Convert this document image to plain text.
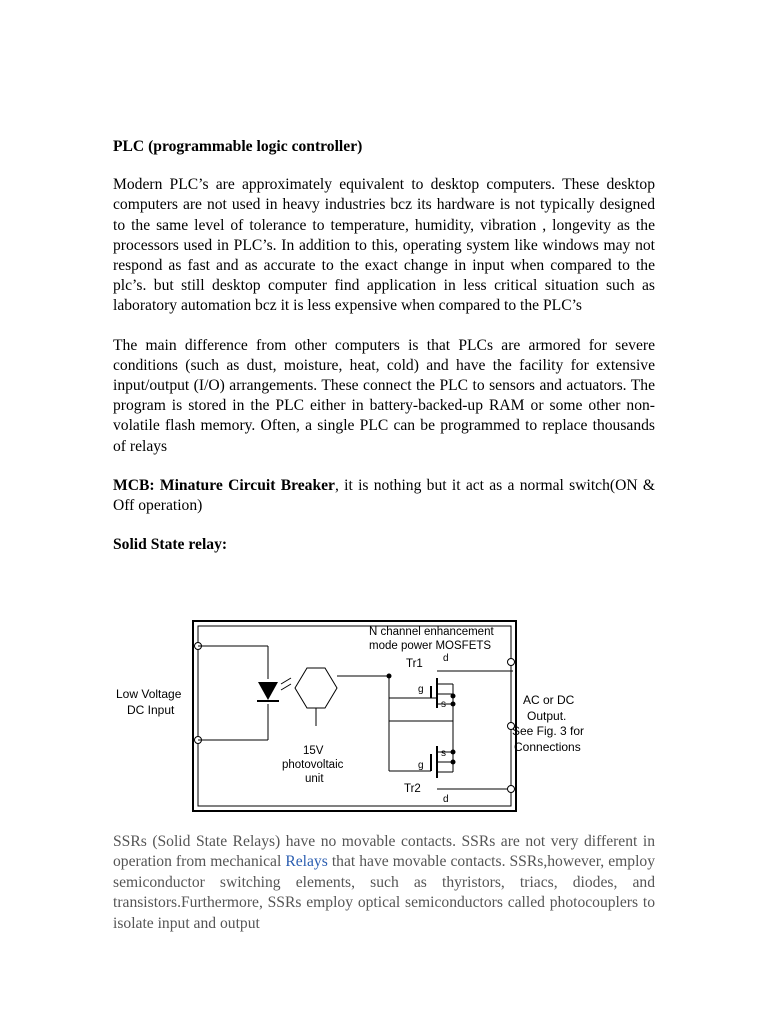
PLC (programmable logic controller)

Modern PLC’s are approximately equivalent to desktop computers. These desktop computers are not used in heavy industries bcz its hardware is not typically designed to the same level of tolerance to temperature, humidity, vibration , longevity as the processors used in PLC’s. In addition to this, operating system like windows may not respond as fast and as accurate to the exact change in input when compared to the plc’s. but still desktop computer find application in less critical situation such as laboratory automation bcz it is less expensive when compared to the PLC’s

The main difference from other computers is that PLCs are armored for severe conditions (such as dust, moisture, heat, cold) and have the facility for extensive input/output (I/O) arrangements. These connect the PLC to sensors and actuators. The program is stored in the PLC either in battery-backed-up RAM or some other non-volatile flash memory. Often, a single PLC can be programmed to replace thousands of relays

MCB: Minature Circuit Breaker, it is nothing but it act as a normal switch(ON & Off operation)

Solid State relay:

N channel enhancement
mode power MOSFETS
Tr1 d
g
s
g
s
Tr2
d
Low Voltage
DC Input
AC or DC
Output.
See Fig. 3 for
Connections
15V
photovoltaic
unit

SSRs (Solid State Relays) have no movable contacts. SSRs are not very different in operation from mechanical Relays that have movable contacts. SSRs,however, employ semiconductor switching elements, such as thyristors, triacs, diodes, and transistors.Furthermore, SSRs employ optical semiconductors called photocouplers to isolate input and output
